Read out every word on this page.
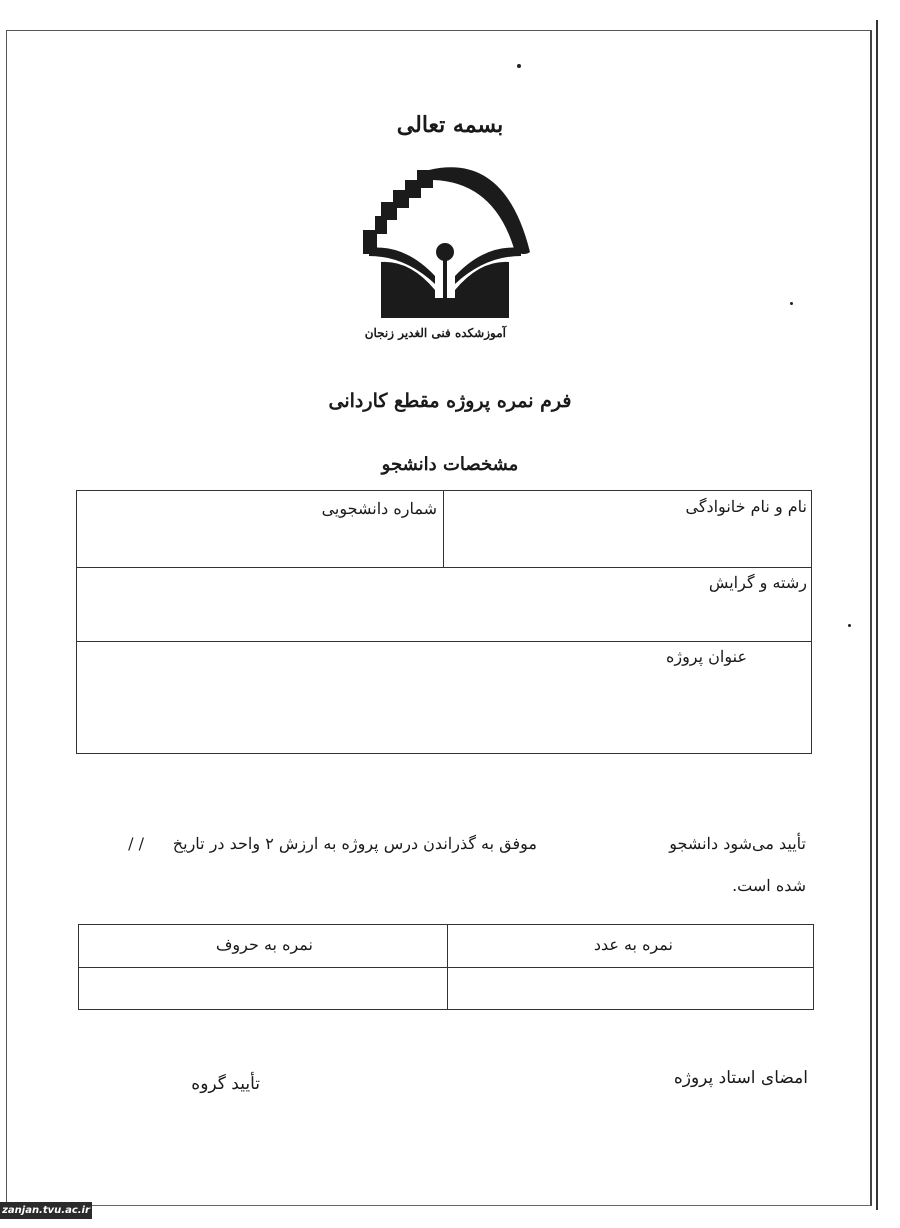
بسمه تعالی
آموزشکده فنی الغدیر زنجان
فرم نمره پروژه مقطع کاردانی
مشخصات دانشجو
نام و نام خانوادگی
شماره دانشجویی
رشته و گرایش
عنوان پروژه
تأیید می‌شود دانشجو
موفق به گذراندن درس پروژه به ارزش ۲ واحد در تاریخ
/ /
شده است.
نمره به عدد
نمره به حروف
امضای استاد پروژه
تأیید گروه
zanjan.tvu.ac.ir
